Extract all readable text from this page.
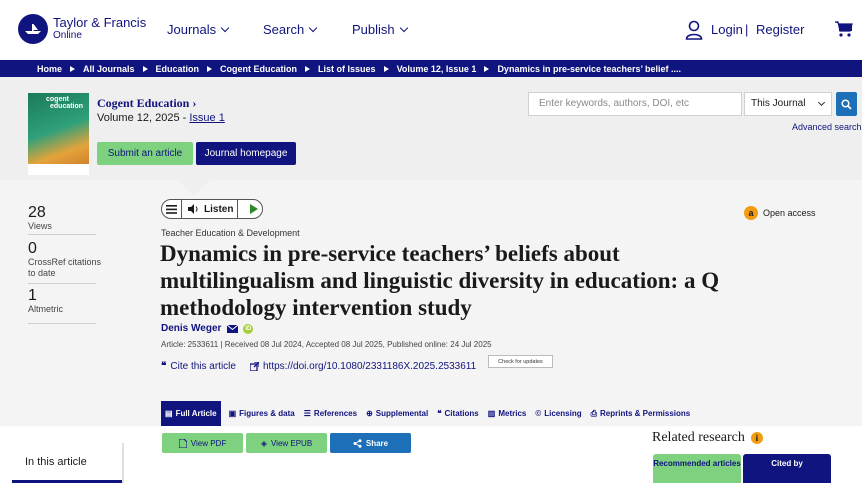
Taylor & Francis
Online	Journals	Search	Publish	Login | Register
Home All Journals Education Cogent Education List of Issues Volume 12, Issue 1 Dynamics in pre-service teachers’ belief ....
cogent
education Cogent Education ›
Volume 12, 2025 - Issue 1
Submit an article	Journal homepage
Enter keywords, authors, DOI, etc	This Journal
Advanced search
28
Views
0
CrossRef citations to date
1
Altmetric
Listen	a	Open access
Teacher Education & Development
Dynamics in pre-service teachers’ beliefs about multilingualism and linguistic diversity in education: a Q methodology intervention study
Denis Weger	iD
Article: 2533611 | Received 08 Jul 2024, Accepted 08 Jul 2025, Published online: 24 Jul 2025
❝ Cite this article	https://doi.org/10.1080/2331186X.2025.2533611	Check for updates
▤ Full Article ▣ Figures & data ☰ References ⊕ Supplemental ❝ Citations ▥ Metrics © Licensing ⎙ Reprints & Permissions
In this article
View PDF	◈ View EPUB	Share	Related research	i
Recommended articles	Cited by
